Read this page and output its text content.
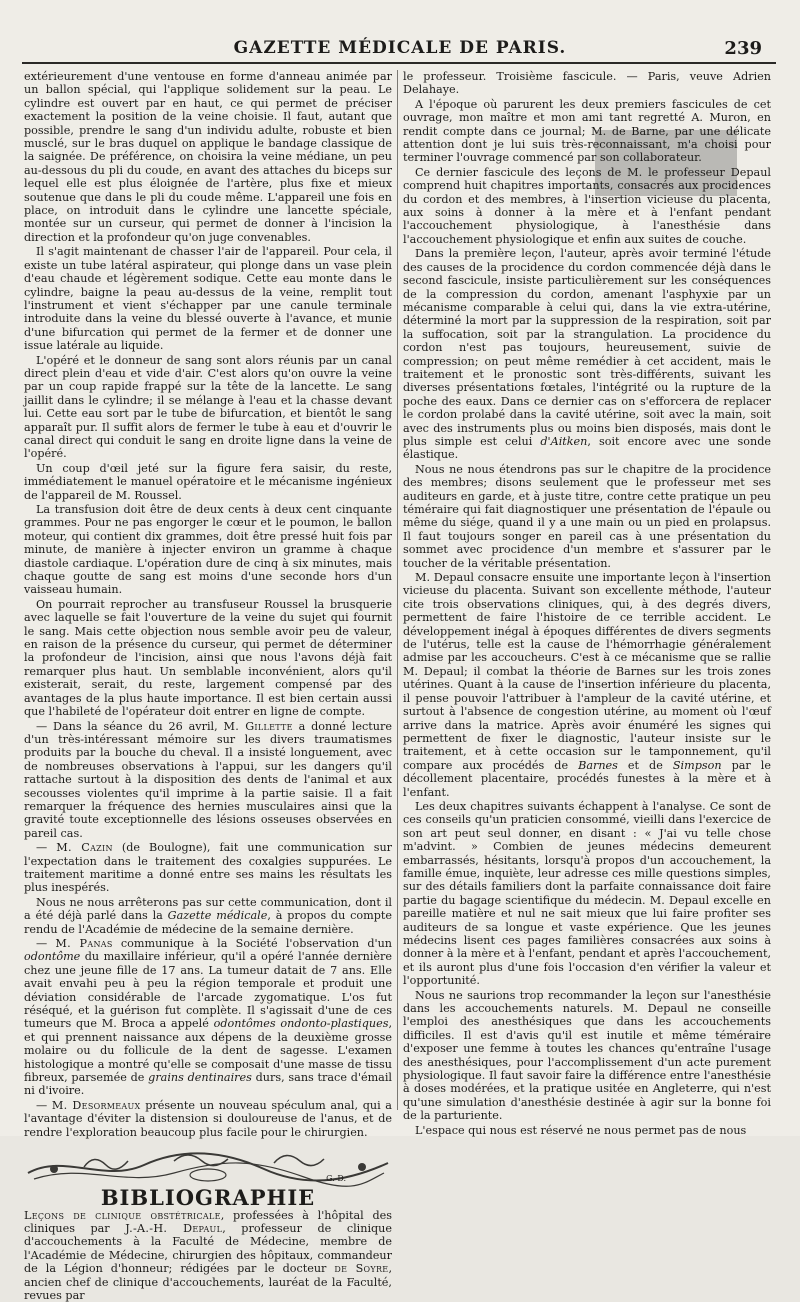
GAZETTE MÉDICALE DE PARIS.	239

extérieurement d'une ventouse en forme d'anneau animée par un ballon spécial, qui l'applique solidement sur la peau. Le cylindre est ouvert par en haut, ce qui permet de préciser exactement la position de la veine choisie. Il faut, autant que possible, prendre le sang d'un individu adulte, robuste et bien musclé, sur le bras duquel on applique le bandage classique de la saignée. De préférence, on choisira la veine médiane, un peu au-dessous du pli du coude, en avant des attaches du biceps sur lequel elle est plus éloignée de l'artère, plus fixe et mieux soutenue que dans le pli du coude même. L'appareil une fois en place, on introduit dans le cylindre une lancette spéciale, montée sur un curseur, qui permet de donner à l'incision la direction et la profondeur qu'on juge convenables.

Il s'agit maintenant de chasser l'air de l'appareil. Pour cela, il existe un tube latéral aspirateur, qui plonge dans un vase plein d'eau chaude et légèrement sodique. Cette eau monte dans le cylindre, baigne la peau au-dessus de la veine, remplit tout l'instrument et vient s'échapper par une canule terminale introduite dans la veine du blessé ouverte à l'avance, et munie d'une bifurcation qui permet de la fermer et de donner une issue latérale au liquide.

L'opéré et le donneur de sang sont alors réunis par un canal direct plein d'eau et vide d'air. C'est alors qu'on ouvre la veine par un coup rapide frappé sur la tête de la lancette. Le sang jaillit dans le cylindre; il se mélange à l'eau et la chasse devant lui. Cette eau sort par le tube de bifurcation, et bientôt le sang apparaît pur. Il suffit alors de fermer le tube à eau et d'ouvrir le canal direct qui conduit le sang en droite ligne dans la veine de l'opéré.

Un coup d'œil jeté sur la figure fera saisir, du reste, immédiatement le manuel opératoire et le mécanisme ingénieux de l'appareil de M. Roussel.

La transfusion doit être de deux cents à deux cent cinquante grammes. Pour ne pas engorger le cœur et le poumon, le ballon moteur, qui contient dix grammes, doit être pressé huit fois par minute, de manière à injecter environ un gramme à chaque diastole cardiaque. L'opération dure de cinq à six minutes, mais chaque goutte de sang est moins d'une seconde hors d'un vaisseau humain.

On pourrait reprocher au transfuseur Roussel la brusquerie avec laquelle se fait l'ouverture de la veine du sujet qui fournit le sang. Mais cette objection nous semble avoir peu de valeur, en raison de la présence du curseur, qui permet de déterminer la profondeur de l'incision, ainsi que nous l'avons déjà fait remarquer plus haut. Un semblable inconvénient, alors qu'il existerait, serait, du reste, largement compensé par des avantages de la plus haute importance. Il est bien certain aussi que l'habileté de l'opérateur doit entrer en ligne de compte.

— Dans la séance du 26 avril, M. Gillette a donné lecture d'un très-intéressant mémoire sur les divers traumatismes produits par la bouche du cheval. Il a insisté longuement, avec de nombreuses observations à l'appui, sur les dangers qu'il rattache surtout à la disposition des dents de l'animal et aux secousses violentes qu'il imprime à la partie saisie. Il a fait remarquer la fréquence des hernies musculaires ainsi que la gravité toute exceptionnelle des lésions osseuses observées en pareil cas.

— M. Cazin (de Boulogne), fait une communication sur l'expectation dans le traitement des coxalgies suppurées. Le traitement maritime a donné entre ses mains les résultats les plus inespérés.

Nous ne nous arrêterons pas sur cette communication, dont il a été déjà parlé dans la Gazette médicale, à propos du compte rendu de l'Académie de médecine de la semaine dernière.

— M. Panas communique à la Société l'observation d'un odontôme du maxillaire inférieur, qu'il a opéré l'année dernière chez une jeune fille de 17 ans. La tumeur datait de 7 ans. Elle avait envahi peu à peu la région temporale et produit une déviation considérable de l'arcade zygomatique. L'os fut réséqué, et la guérison fut complète. Il s'agissait d'une de ces tumeurs que M. Broca a appelé odontômes ondonto-plastiques, et qui prennent naissance aux dépens de la deuxième grosse molaire ou du follicule de la dent de sagesse. L'examen histologique a montré qu'elle se composait d'une masse de tissu fibreux, parsemée de grains dentinaires durs, sans trace d'émail ni d'ivoire.

— M. Desormeaux présente un nouveau spéculum anal, qui a l'avantage d'éviter la distension si douloureuse de l'anus, et de rendre l'exploration beaucoup plus facile pour le chirurgien.

G. D.
BIBLIOGRAPHIE

Leçons de clinique obstétricale, professées à l'hôpital des cliniques par J.-A.-H. Depaul, professeur de clinique d'accouchements à la Faculté de Médecine, membre de l'Académie de Médecine, chirurgien des hôpitaux, commandeur de la Légion d'honneur; rédigées par le docteur de Soyre, ancien chef de clinique d'accouchements, lauréat de la Faculté, revues par

le professeur. Troisième fascicule. — Paris, veuve Adrien Delahaye.

A l'époque où parurent les deux premiers fascicules de cet ouvrage, mon maître et mon ami tant regretté A. Muron, en rendit compte dans ce journal; M. de Barne, par une délicate attention dont je lui suis très-reconnaissant, m'a choisi pour terminer l'ouvrage commencé par son collaborateur.

Ce dernier fascicule des leçons de M. le professeur Depaul comprend huit chapitres importants, consacrés aux procidences du cordon et des membres, à l'insertion vicieuse du placenta, aux soins à donner à la mère et à l'enfant pendant l'accouchement physiologique, à l'anesthésie dans l'accouchement physiologique et enfin aux suites de couche.

Dans la première leçon, l'auteur, après avoir terminé l'étude des causes de la procidence du cordon commencée déjà dans le second fascicule, insiste particulièrement sur les conséquences de la compression du cordon, amenant l'asphyxie par un mécanisme comparable à celui qui, dans la vie extra-utérine, déterminé la mort par la suppression de la respiration, soit par la suffocation, soit par la strangulation. La procidence du cordon n'est pas toujours, heureusement, suivie de compression; on peut même remédier à cet accident, mais le traitement et le pronostic sont très-différents, suivant les diverses présentations fœtales, l'intégrité ou la rupture de la poche des eaux. Dans ce dernier cas on s'efforcera de replacer le cordon prolabé dans la cavité utérine, soit avec la main, soit avec des instruments plus ou moins bien disposés, mais dont le plus simple est celui d'Aitken, soit encore avec une sonde élastique.

Nous ne nous étendrons pas sur le chapitre de la procidence des membres; disons seulement que le professeur met ses auditeurs en garde, et à juste titre, contre cette pratique un peu téméraire qui fait diagnostiquer une présentation de l'épaule ou même du siége, quand il y a une main ou un pied en prolapsus. Il faut toujours songer en pareil cas à une présentation du sommet avec procidence d'un membre et s'assurer par le toucher de la véritable présentation.

M. Depaul consacre ensuite une importante leçon à l'insertion vicieuse du placenta. Suivant son excellente méthode, l'auteur cite trois observations cliniques, qui, à des degrés divers, permettent de faire l'histoire de ce terrible accident. Le développement inégal à époques différentes de divers segments de l'utérus, telle est la cause de l'hémorrhagie généralement admise par les accoucheurs. C'est à ce mécanisme que se rallie M. Depaul; il combat la théorie de Barnes sur les trois zones utérines. Quant à la cause de l'insertion inférieure du placenta, il pense pouvoir l'attribuer à l'ampleur de la cavité utérine, et surtout à l'absence de congestion utérine, au moment où l'œuf arrive dans la matrice. Après avoir énuméré les signes qui permettent de fixer le diagnostic, l'auteur insiste sur le traitement, et à cette occasion sur le tamponnement, qu'il compare aux procédés de Barnes et de Simpson par le décollement placentaire, procédés funestes à la mère et à l'enfant.

Les deux chapitres suivants échappent à l'analyse. Ce sont de ces conseils qu'un praticien consommé, vieilli dans l'exercice de son art peut seul donner, en disant : « J'ai vu telle chose m'advint. » Combien de jeunes médecins demeurent embarrassés, hésitants, lorsqu'à propos d'un accouchement, la famille émue, inquiète, leur adresse ces mille questions simples, sur des détails familiers dont la parfaite connaissance doit faire partie du bagage scientifique du médecin. M. Depaul excelle en pareille matière et nul ne sait mieux que lui faire profiter ses auditeurs de sa longue et vaste expérience. Que les jeunes médecins lisent ces pages familières consacrées aux soins à donner à la mère et à l'enfant, pendant et après l'accouchement, et ils auront plus d'une fois l'occasion d'en vérifier la valeur et l'opportunité.

Nous ne saurions trop recommander la leçon sur l'anesthésie dans les accouchements naturels. M. Depaul ne conseille l'emploi des anesthésiques que dans les accouchements difficiles. Il est d'avis qu'il est inutile et même téméraire d'exposer une femme à toutes les chances qu'entraîne l'usage des anesthésiques, pour l'accomplissement d'un acte purement physiologique. Il faut savoir faire la différence entre l'anesthésie à doses modérées, et la pratique usitée en Angleterre, qui n'est qu'une simulation d'anesthésie destinée à agir sur la bonne foi de la parturiente.

L'espace qui nous est réservé ne nous permet pas de nous
